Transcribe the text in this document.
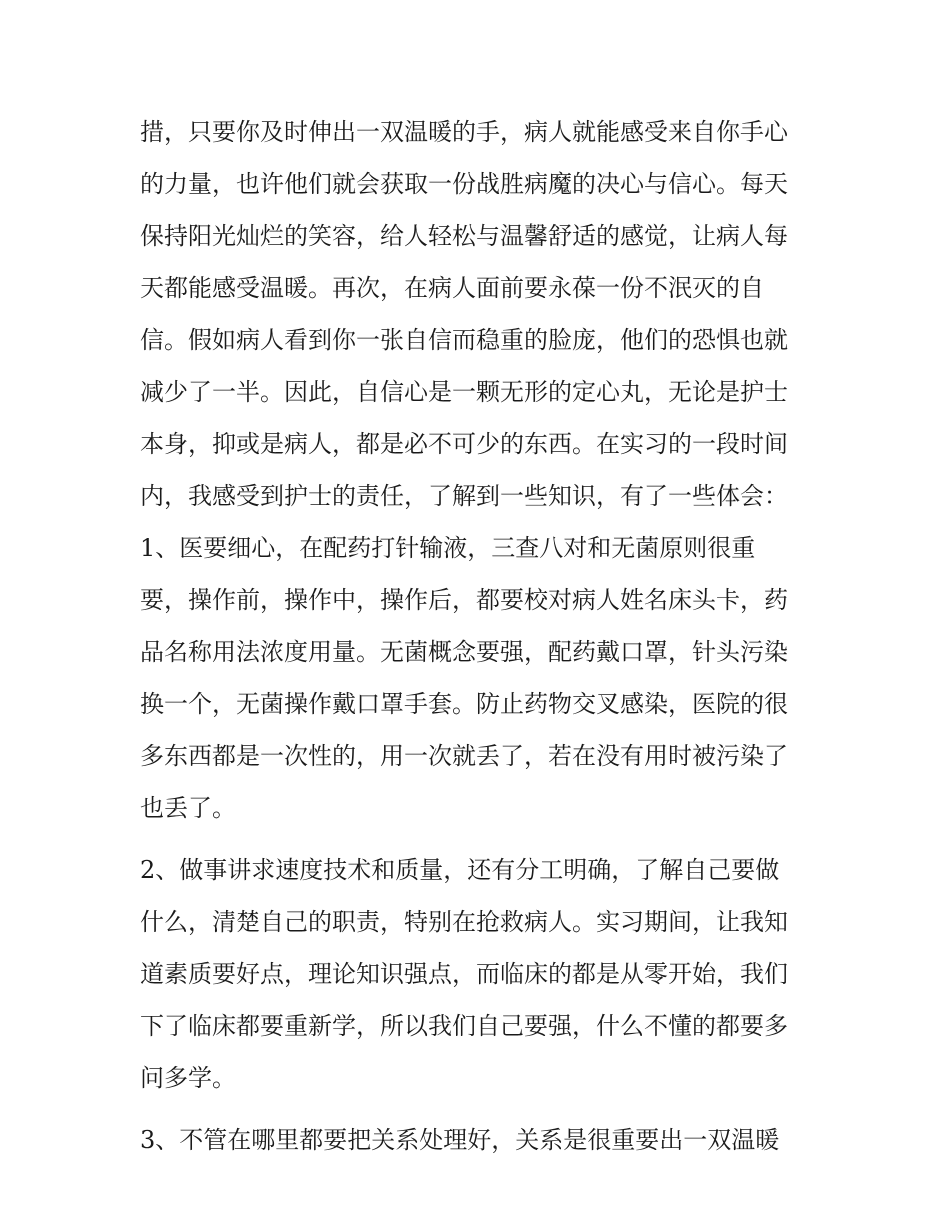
措，只要你及时伸出一双温暖的手，病人就能感受来自你手心
的力量，也许他们就会获取一份战胜病魔的决心与信心。每天
保持阳光灿烂的笑容，给人轻松与温馨舒适的感觉，让病人每
天都能感受温暖。再次，在病人面前要永葆一份不泯灭的自
信。假如病人看到你一张自信而稳重的脸庞，他们的恐惧也就
减少了一半。因此，自信心是一颗无形的定心丸，无论是护士
本身，抑或是病人，都是必不可少的东西。在实习的一段时间
内，我感受到护士的责任，了解到一些知识，有了一些体会：
1、医要细心，在配药打针输液，三查八对和无菌原则很重
要，操作前，操作中，操作后，都要校对病人姓名床头卡，药
品名称用法浓度用量。无菌概念要强，配药戴口罩，针头污染
换一个，无菌操作戴口罩手套。防止药物交叉感染，医院的很
多东西都是一次性的，用一次就丢了，若在没有用时被污染了
也丢了。
2、做事讲求速度技术和质量，还有分工明确，了解自己要做
什么，清楚自己的职责，特别在抢救病人。实习期间，让我知
道素质要好点，理论知识强点，而临床的都是从零开始，我们
下了临床都要重新学，所以我们自己要强，什么不懂的都要多
问多学。
3、不管在哪里都要把关系处理好，关系是很重要出一双温暖
